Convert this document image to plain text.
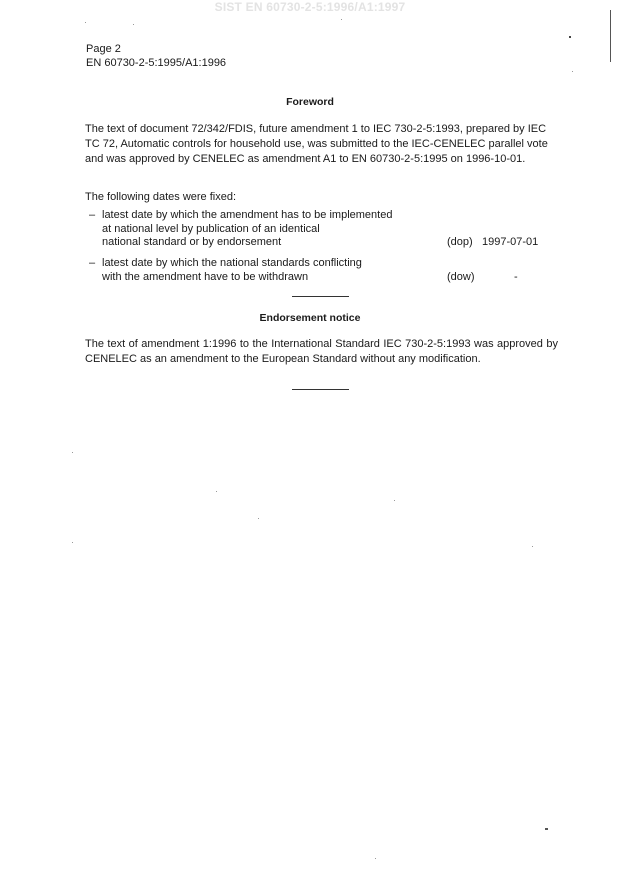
SIST EN 60730-2-5:1996/A1:1997
Page 2
EN 60730-2-5:1995/A1:1996
Foreword

The text of document 72/342/FDIS, future amendment 1 to IEC 730-2-5:1993, prepared by IEC TC 72, Automatic controls for household use, was submitted to the IEC-CENELEC parallel vote and was approved by CENELEC as amendment A1 to EN 60730-2-5:1995 on 1996-10-01.

The following dates were fixed:

– latest date by which the amendment has to be implemented
at national level by publication of an identical
national standard or by endorsement	(dop) 1997-07-01
– latest date by which the national standards conflicting
with the amendment have to be withdrawn	(dow)	-
Endorsement notice

The text of amendment 1:1996 to the International Standard IEC 730-2-5:1993 was approved by CENELEC as an amendment to the European Standard without any modification.
